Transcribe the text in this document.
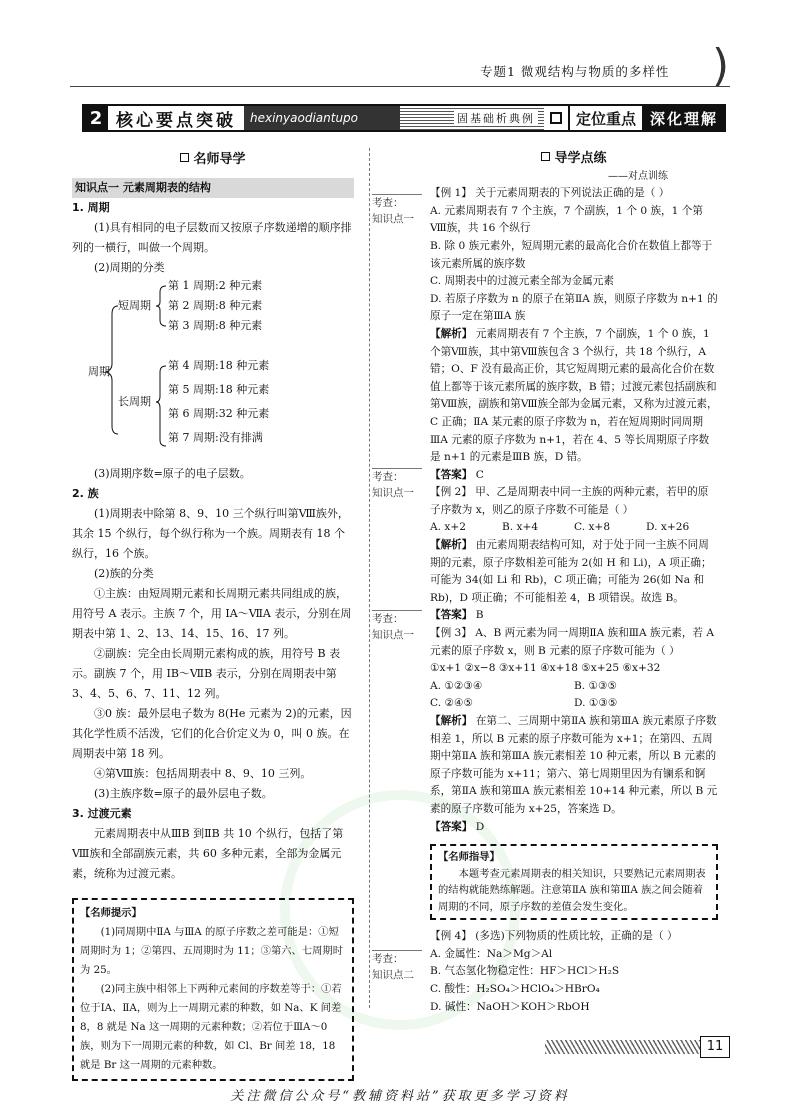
专题1 微观结构与物质的多样性 )
2 核心要点突破	hexinyaodiantupo	固基础析典例	定位重点 深化理解
名师导学
知识点一 元素周期表的结构
1. 周期

(1)具有相同的电子层数而又按原子序数递增的顺序排列的一横行，叫做一个周期。

(2)周期的分类

周期
短周期
长周期
第 1 周期:2 种元素
第 2 周期:8 种元素
第 3 周期:8 种元素
第 4 周期:18 种元素
第 5 周期:18 种元素
第 6 周期:32 种元素
第 7 周期:没有排满

(3)周期序数=原子的电子层数。

2. 族

(1)周期表中除第 8、9、10 三个纵行叫第Ⅷ族外，其余 15 个纵行，每个纵行称为一个族。周期表有 18 个纵行，16 个族。

(2)族的分类

①主族：由短周期元素和长周期元素共同组成的族，用符号 A 表示。主族 7 个，用 ⅠA～ⅦA 表示，分别在周期表中第 1、2、13、14、15、16、17 列。

②副族：完全由长周期元素构成的族，用符号 B 表示。副族 7 个，用 ⅠB～ⅦB 表示，分别在周期表中第 3、4、5、6、7、11、12 列。

③0 族：最外层电子数为 8(He 元素为 2)的元素，因其化学性质不活泼，它们的化合价定义为 0，叫 0 族。在周期表中第 18 列。

④第Ⅷ族：包括周期表中 8、9、10 三列。

(3)主族序数=原子的最外层电子数。

3. 过渡元素

元素周期表中从ⅢB 到ⅡB 共 10 个纵行，包括了第Ⅷ族和全部副族元素，共 60 多种元素，全部为金属元素，统称为过渡元素。

【名师提示】

(1)同周期中ⅡA 与ⅢA 的原子序数之差可能是：①短周期时为 1；②第四、五周期时为 11；③第六、七周期时为 25。

(2)同主族中相邻上下两种元素间的序数差等于：①若位于ⅠA、ⅡA，则为上一周期元素的种数，如 Na、K 间差 8，8 就是 Na 这一周期的元素种数；②若位于ⅢA～0 族，则为下一周期元素的种数，如 Cl、Br 间差 18，18 就是 Br 这一周期的元素种数。

考查：
知识点一
考查：
知识点一
考查：
知识点一
考查：
知识点二
导学点练
——对点训练

【例 1】 关于元素周期表的下列说法正确的是（ ）

A. 元素周期表有 7 个主族，7 个副族，1 个 0 族，1 个第Ⅷ族，共 16 个纵行

B. 除 0 族元素外，短周期元素的最高化合价在数值上都等于该元素所属的族序数

C. 周期表中的过渡元素全部为金属元素

D. 若原子序数为 n 的原子在第ⅡA 族，则原子序数为 n+1 的原子一定在第ⅢA 族

【解析】 元素周期表有 7 个主族，7 个副族，1 个 0 族，1 个第Ⅷ族，其中第Ⅷ族包含 3 个纵行，共 18 个纵行，A 错；O、F 没有最高正价，其它短周期元素的最高化合价在数值上都等于该元素所属的族序数，B 错；过渡元素包括副族和第Ⅷ族，副族和第Ⅷ族全部为金属元素，又称为过渡元素，C 正确；ⅡA 某元素的原子序数为 n，若在短周期时同周期ⅢA 元素的原子序数为 n+1，若在 4、5 等长周期原子序数是 n+1 的元素是ⅢB 族，D 错。

【答案】 C

【例 2】 甲、乙是周期表中同一主族的两种元素，若甲的原子序数为 x，则乙的原子序数不可能是（ ）

A. x+2	B. x+4	C. x+8	D. x+26

【解析】 由元素周期表结构可知，对于处于同一主族不同周期的元素，原子序数相差可能为 2(如 H 和 Li)，A 项正确；可能为 34(如 Li 和 Rb)，C 项正确；可能为 26(如 Na 和 Rb)，D 项正确；不可能相差 4，B 项错误。故选 B。

【答案】 B

【例 3】 A、B 两元素为同一周期ⅡA 族和ⅢA 族元素，若 A 元素的原子序数 x，则 B 元素的原子序数可能为（ ）

①x+1 ②x−8 ③x+11 ④x+18 ⑤x+25 ⑥x+32

A. ①②③④	B. ①③⑤
C. ②④⑤	D. ①③⑤

【解析】 在第二、三周期中第ⅡA 族和第ⅢA 族元素原子序数相差 1，所以 B 元素的原子序数可能为 x+1；在第四、五周期中第ⅡA 族和第ⅢA 族元素相差 10 种元素，所以 B 元素的原子序数可能为 x+11；第六、第七周期里因为有镧系和锕系，第ⅡA 族和第ⅢA 族元素相差 10+14 种元素，所以 B 元素的原子序数可能为 x+25，答案选 D。

【答案】 D

【名师指导】

本题考查元素周期表的相关知识，只要熟记元素周期表的结构就能熟练解题。注意第ⅡA 族和第ⅢA 族之间会随着周期的不同，原子序数的差值会发生变化。

【例 4】 (多选)下列物质的性质比较，正确的是（ ）

A. 金属性：Na＞Mg＞Al

B. 气态氢化物稳定性：HF＞HCl＞H₂S

C. 酸性：H₂SO₄＞HClO₄＞HBrO₄

D. 碱性：NaOH＞KOH＞RbOH

11
关注微信公众号“教辅资料站”获取更多学习资料
